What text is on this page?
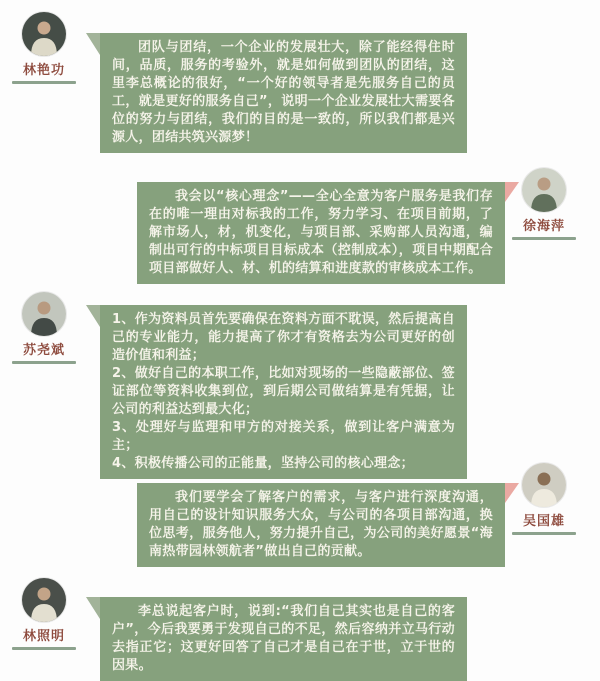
林艳功

团队与团结，一个企业的发展壮大，除了能经得住时间，品质，服务的考验外，就是如何做到团队的团结，这里李总概论的很好，“一个好的领导者是先服务自己的员工，就是更好的服务自己”，说明一个企业发展壮大需要各位的努力与团结，我们的目的是一致的，所以我们都是兴源人，团结共筑兴源梦！

徐海萍

我会以“核心理念”——全心全意为客户服务是我们存在的唯一理由对标我的工作，努力学习、在项目前期，了解市场人，材，机变化，与项目部、采购部人员沟通，编制出可行的中标项目目标成本（控制成本），项目中期配合项目部做好人、材、机的结算和进度款的审核成本工作。

苏尧斌

1、作为资料员首先要确保在资料方面不耽误，然后提高自己的专业能力，能力提高了你才有资格去为公司更好的创造价值和利益；

2、做好自己的本职工作，比如对现场的一些隐蔽部位、签证部位等资料收集到位，到后期公司做结算是有凭据，让公司的利益达到最大化；

3、处理好与监理和甲方的对接关系，做到让客户满意为主；

4、积极传播公司的正能量，坚持公司的核心理念；

吴国雄

我们要学会了解客户的需求，与客户进行深度沟通，用自己的设计知识服务大众，与公司的各项目部沟通，换位思考，服务他人，努力提升自己，为公司的美好愿景“海南热带园林领航者”做出自己的贡献。

林照明

李总说起客户时，说到:“我们自己其实也是自己的客户”，今后我要勇于发现自己的不足，然后容纳并立马行动去指正它；这更好回答了自己才是自己在于世，立于世的因果。
